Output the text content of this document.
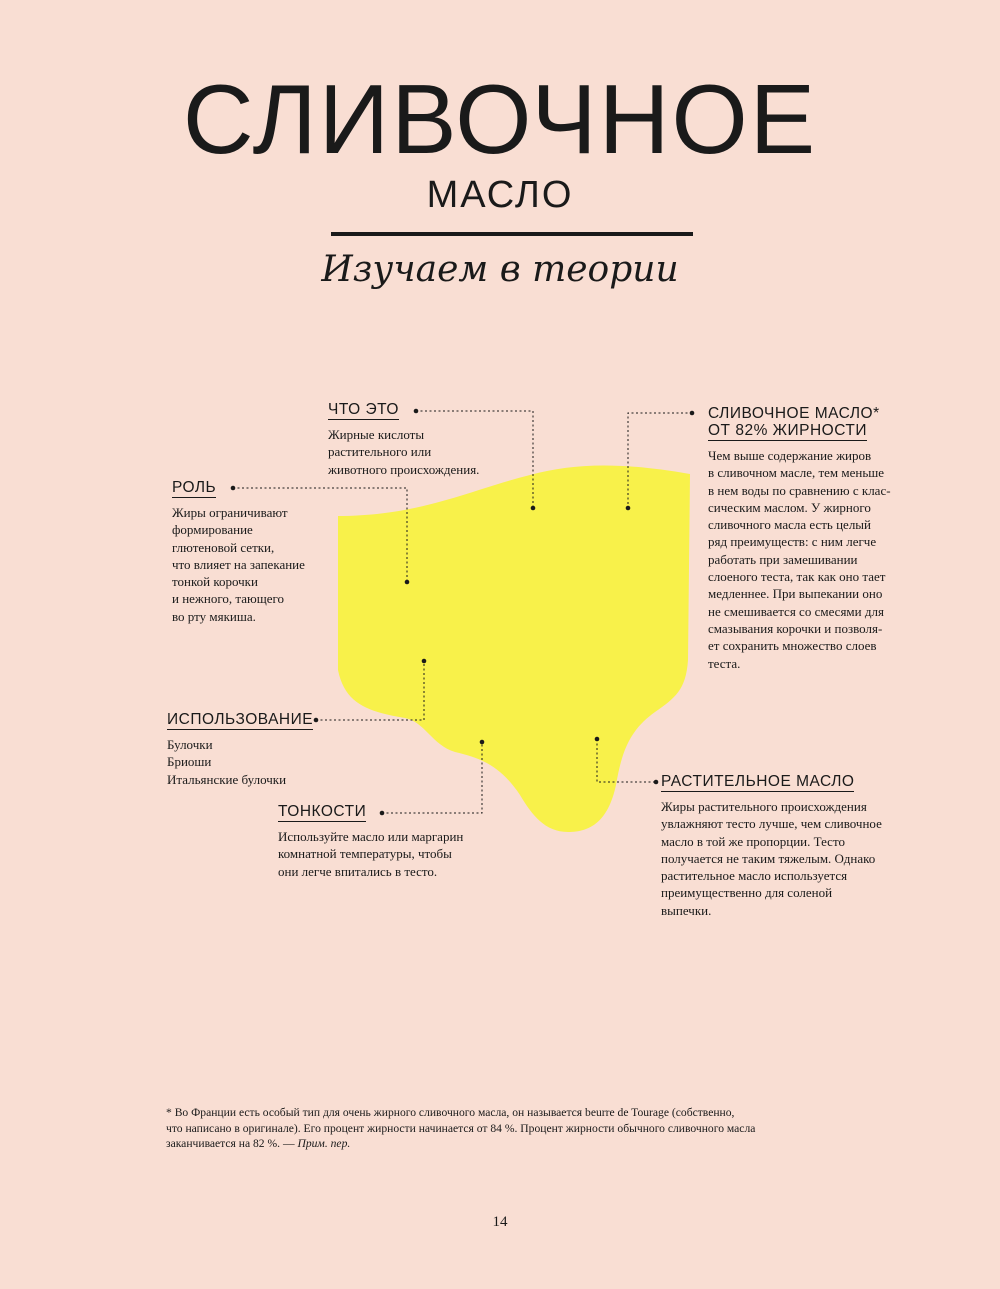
СЛИВОЧНОЕ
МАСЛО
Изучаем в теории
ЧТО ЭТО
Жирные кислоты
растительного или
животного происхождения.
РОЛЬ
Жиры ограничивают
формирование
глютеновой сетки,
что влияет на запекание
тонкой корочки
и нежного, тающего
во рту мякиша.
СЛИВОЧНОЕ МАСЛО*
ОТ 82% ЖИРНОСТИ
Чем выше содержание жиров
в сливочном масле, тем меньше
в нем воды по сравнению с клас-
сическим маслом. У жирного
сливочного масла есть целый
ряд преимуществ: с ним легче
работать при замешивании
слоеного теста, так как оно тает
медленнее. При выпекании оно
не смешивается со смесями для
смазывания корочки и позволя-
ет сохранить множество слоев
теста.
ИСПОЛЬЗОВАНИЕ
Булочки
Бриоши
Итальянские булочки
ТОНКОСТИ
Используйте масло или маргарин
комнатной температуры, чтобы
они легче впитались в тесто.
РАСТИТЕЛЬНОЕ МАСЛО
Жиры растительного происхождения
увлажняют тесто лучше, чем сливочное
масло в той же пропорции. Тесто
получается не таким тяжелым. Однако
растительное масло используется
преимущественно для соленой
выпечки.
* Во Франции есть особый тип для очень жирного сливочного масла, он называется beurre de Tourage (собственно,
что написано в оригинале). Его процент жирности начинается от 84 %. Процент жирности обычного сливочного масла
заканчивается на 82 %. — Прим. пер.
14
